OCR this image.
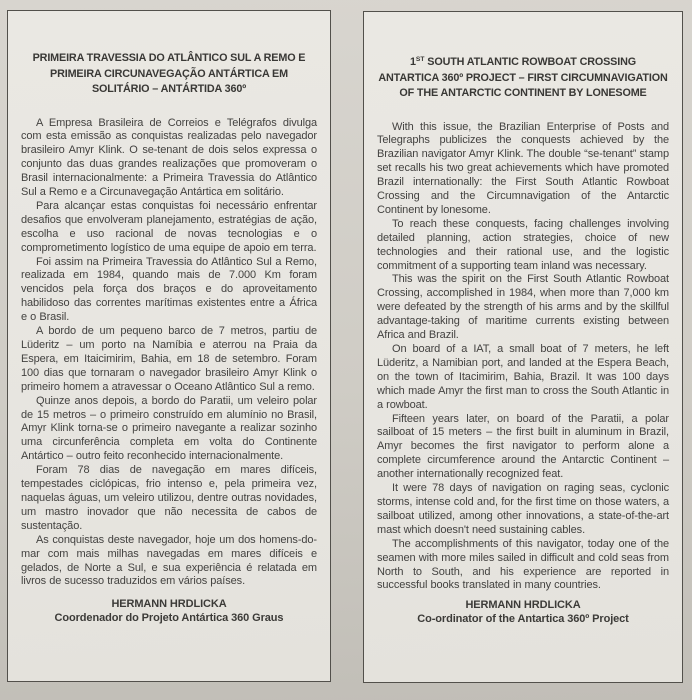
PRIMEIRA TRAVESSIA DO ATLÂNTICO SUL A REMO E
PRIMEIRA CIRCUNAVEGAÇÃO ANTÁRTICA EM
SOLITÁRIO – ANTÁRTIDA 360º

A Empresa Brasileira de Correios e Telégrafos divulga com esta emissão as conquistas realizadas pelo navegador brasileiro Amyr Klink. O se-tenant de dois selos expressa o conjunto das duas grandes realizações que promoveram o Brasil internacionalmente: a Primeira Travessia do Atlântico Sul a Remo e a Circunavegação Antártica em solitário.

Para alcançar estas conquistas foi necessário enfrentar desafios que envolveram planejamento, estratégias de ação, escolha e uso racional de novas tecnologias e o comprometimento logístico de uma equipe de apoio em terra.

Foi assim na Primeira Travessia do Atlântico Sul a Remo, realizada em 1984, quando mais de 7.000 Km foram vencidos pela força dos braços e do aproveitamento habilidoso das correntes marítimas existentes entre a África e o Brasil.

A bordo de um pequeno barco de 7 metros, partiu de Lüderitz – um porto na Namíbia e aterrou na Praia da Espera, em Itaicimirim, Bahia, em 18 de setembro. Foram 100 dias que tornaram o navegador brasileiro Amyr Klink o primeiro homem a atravessar o Oceano Atlântico Sul a remo.

Quinze anos depois, a bordo do Paratii, um veleiro polar de 15 metros – o primeiro construído em alumínio no Brasil, Amyr Klink torna-se o primeiro navegante a realizar sozinho uma circunferência completa em volta do Continente Antártico – outro feito reconhecido internacionalmente.

Foram 78 dias de navegação em mares difíceis, tempestades ciclópicas, frio intenso e, pela primeira vez, naquelas águas, um veleiro utilizou, dentre outras novidades, um mastro inovador que não necessita de cabos de sustentação.

As conquistas deste navegador, hoje um dos homens-do-mar com mais milhas navegadas em mares difíceis e gelados, de Norte a Sul, e sua experiência é relatada em livros de sucesso traduzidos em vários países.

HERMANN HRDLICKA
Coordenador do Projeto Antártica 360 Graus
1ST SOUTH ATLANTIC ROWBOAT CROSSING
ANTARTICA 360º PROJECT – FIRST CIRCUMNAVIGATION
OF THE ANTARCTIC CONTINENT BY LONESOME

With this issue, the Brazilian Enterprise of Posts and Telegraphs publicizes the conquests achieved by the Brazilian navigator Amyr Klink. The double “se-tenant” stamp set recalls his two great achievements which have promoted Brazil internationally: the First South Atlantic Rowboat Crossing and the Circumnavigation of the Antarctic Continent by lonesome.

To reach these conquests, facing challenges involving detailed planning, action strategies, choice of new technologies and their rational use, and the logistic commitment of a supporting team inland was necessary.

This was the spirit on the First South Atlantic Rowboat Crossing, accomplished in 1984, when more than 7,000 km were defeated by the strength of his arms and by the skillful advantage-taking of maritime currents existing between Africa and Brazil.

On board of a IAT, a small boat of 7 meters, he left Lüderitz, a Namibian port, and landed at the Espera Beach, on the town of Itacimirim, Bahia, Brazil. It was 100 days which made Amyr the first man to cross the South Atlantic in a rowboat.

Fifteen years later, on board of the Paratii, a polar sailboat of 15 meters – the first built in aluminum in Brazil, Amyr becomes the first navigator to perform alone a complete circumference around the Antarctic Continent – another internationally recognized feat.

It were 78 days of navigation on raging seas, cyclonic storms, intense cold and, for the first time on those waters, a sailboat utilized, among other innovations, a state-of-the-art mast which doesn't need sustaining cables.

The accomplishments of this navigator, today one of the seamen with more miles sailed in difficult and cold seas from North to South, and his experience are reported in successful books translated in many countries.

HERMANN HRDLICKA
Co-ordinator of the Antartica 360º Project
